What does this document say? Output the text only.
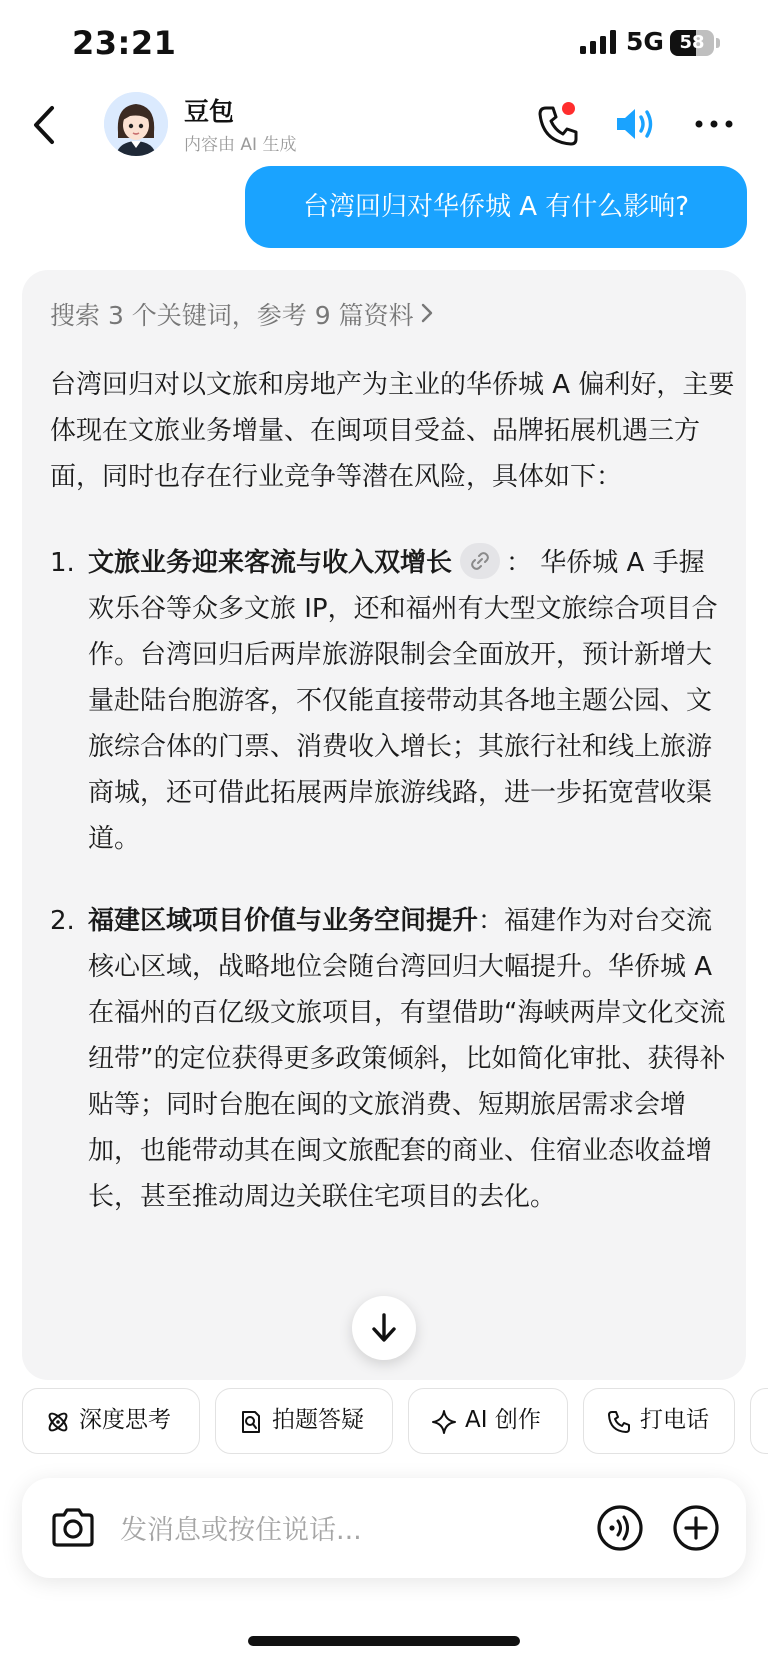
23:21	5G 58
豆包
内容由 AI 生成
台湾回归对华侨城 A 有什么影响?
搜索 3 个关键词，参考 9 篇资料
台湾回归对以文旅和房地产为主业的华侨城 A 偏利好，主要体现在文旅业务增量、在闽项目受益、品牌拓展机遇三方面，同时也存在行业竞争等潜在风险，具体如下：
1. 文旅业务迎来客流与收入双增长 ： 华侨城 A 手握欢乐谷等众多文旅 IP，还和福州有大型文旅综合项目合作。台湾回归后两岸旅游限制会全面放开，预计新增大量赴陆台胞游客，不仅能直接带动其各地主题公园、文旅综合体的门票、消费收入增长；其旅行社和线上旅游商城，还可借此拓展两岸旅游线路，进一步拓宽营收渠道。
2. 福建区域项目价值与业务空间提升：福建作为对台交流核心区域，战略地位会随台湾回归大幅提升。华侨城 A 在福州的百亿级文旅项目，有望借助“海峡两岸文化交流纽带”的定位获得更多政策倾斜，比如简化审批、获得补贴等；同时台胞在闽的文旅消费、短期旅居需求会增加，也能带动其在闽文旅配套的商业、住宿业态收益增长，甚至推动周边关联住宅项目的去化。
深度思考	拍题答疑	AI 创作	打电话
发消息或按住说话...
